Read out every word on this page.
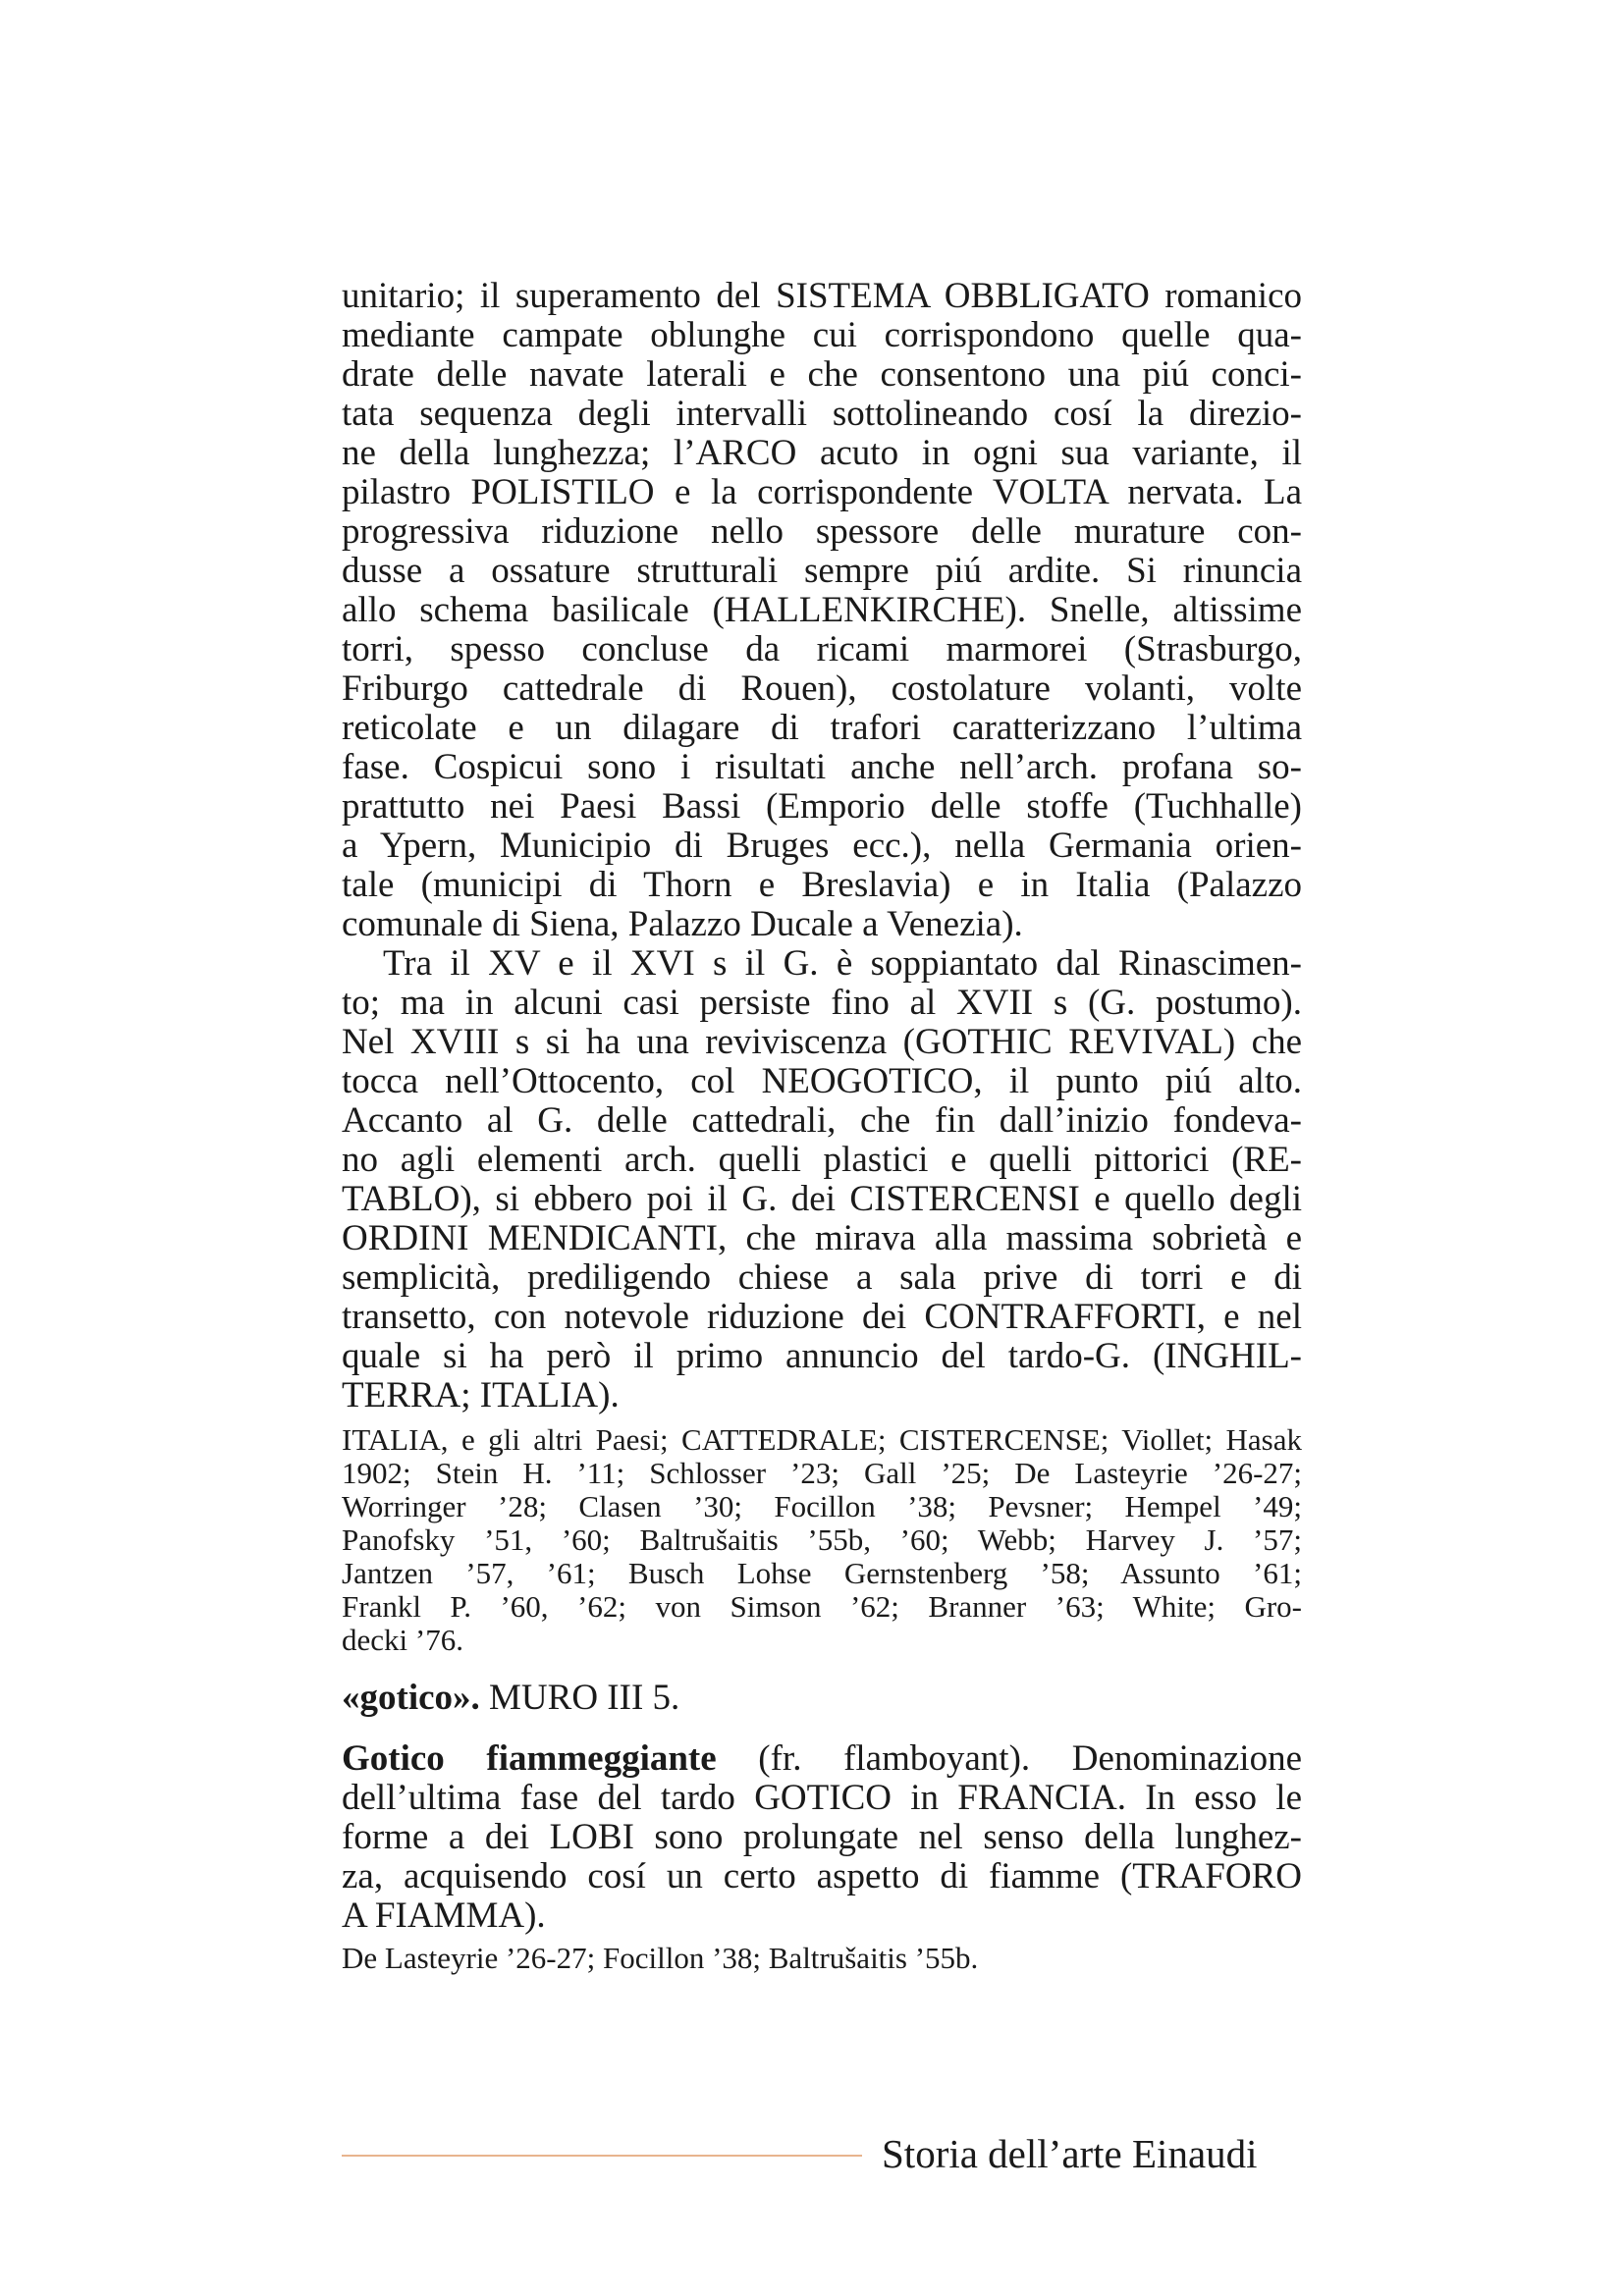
unitario; il superamento del SISTEMA OBBLIGATO romanico
mediante campate oblunghe cui corrispondono quelle qua-
drate delle navate laterali e che consentono una piú conci-
tata sequenza degli intervalli sottolineando cosí la direzio-
ne della lunghezza; l’ARCO acuto in ogni sua variante, il
pilastro POLISTILO e la corrispondente VOLTA nervata. La
progressiva riduzione nello spessore delle murature con-
dusse a ossature strutturali sempre piú ardite. Si rinuncia
allo schema basilicale (HALLENKIRCHE). Snelle, altissime
torri, spesso concluse da ricami marmorei (Strasburgo,
Friburgo cattedrale di Rouen), costolature volanti, volte
reticolate e un dilagare di trafori caratterizzano l’ultima
fase. Cospicui sono i risultati anche nell’arch. profana so-
prattutto nei Paesi Bassi (Emporio delle stoffe (Tuchhalle)
a Ypern, Municipio di Bruges ecc.), nella Germania orien-
tale (municipi di Thorn e Breslavia) e in Italia (Palazzo
comunale di Siena, Palazzo Ducale a Venezia).
Tra il XV e il XVI s il G. è soppiantato dal Rinascimen-
to; ma in alcuni casi persiste fino al XVII s (G. postumo).
Nel XVIII s si ha una reviviscenza (GOTHIC REVIVAL) che
tocca nell’Ottocento, col NEOGOTICO, il punto piú alto.
Accanto al G. delle cattedrali, che fin dall’inizio fondeva-
no agli elementi arch. quelli plastici e quelli pittorici (RE-
TABLO), si ebbero poi il G. dei CISTERCENSI e quello degli
ORDINI MENDICANTI, che mirava alla massima sobrietà e
semplicità, prediligendo chiese a sala prive di torri e di
transetto, con notevole riduzione dei CONTRAFFORTI, e nel
quale si ha però il primo annuncio del tardo-G. (INGHIL-
TERRA; ITALIA).
ITALIA, e gli altri Paesi; CATTEDRALE; CISTERCENSE; Viollet; Hasak
1902; Stein H. ’11; Schlosser ’23; Gall ’25; De Lasteyrie ’26-27;
Worringer ’28; Clasen ’30; Focillon ’38; Pevsner; Hempel ’49;
Panofsky ’51, ’60; Baltrušaitis ’55b, ’60; Webb; Harvey J. ’57;
Jantzen ’57, ’61; Busch Lohse Gernstenberg ’58; Assunto ’61;
Frankl P. ’60, ’62; von Simson ’62; Branner ’63; White; Gro-
decki ’76.
«gotico». MURO III 5.
Gotico fiammeggiante (fr. flamboyant). Denominazione
dell’ultima fase del tardo GOTICO in FRANCIA. In esso le
forme a dei LOBI sono prolungate nel senso della lunghez-
za, acquisendo cosí un certo aspetto di fiamme (TRAFORO
A FIAMMA).
De Lasteyrie ’26-27; Focillon ’38; Baltrušaitis ’55b.
Storia dell’arte Einaudi
